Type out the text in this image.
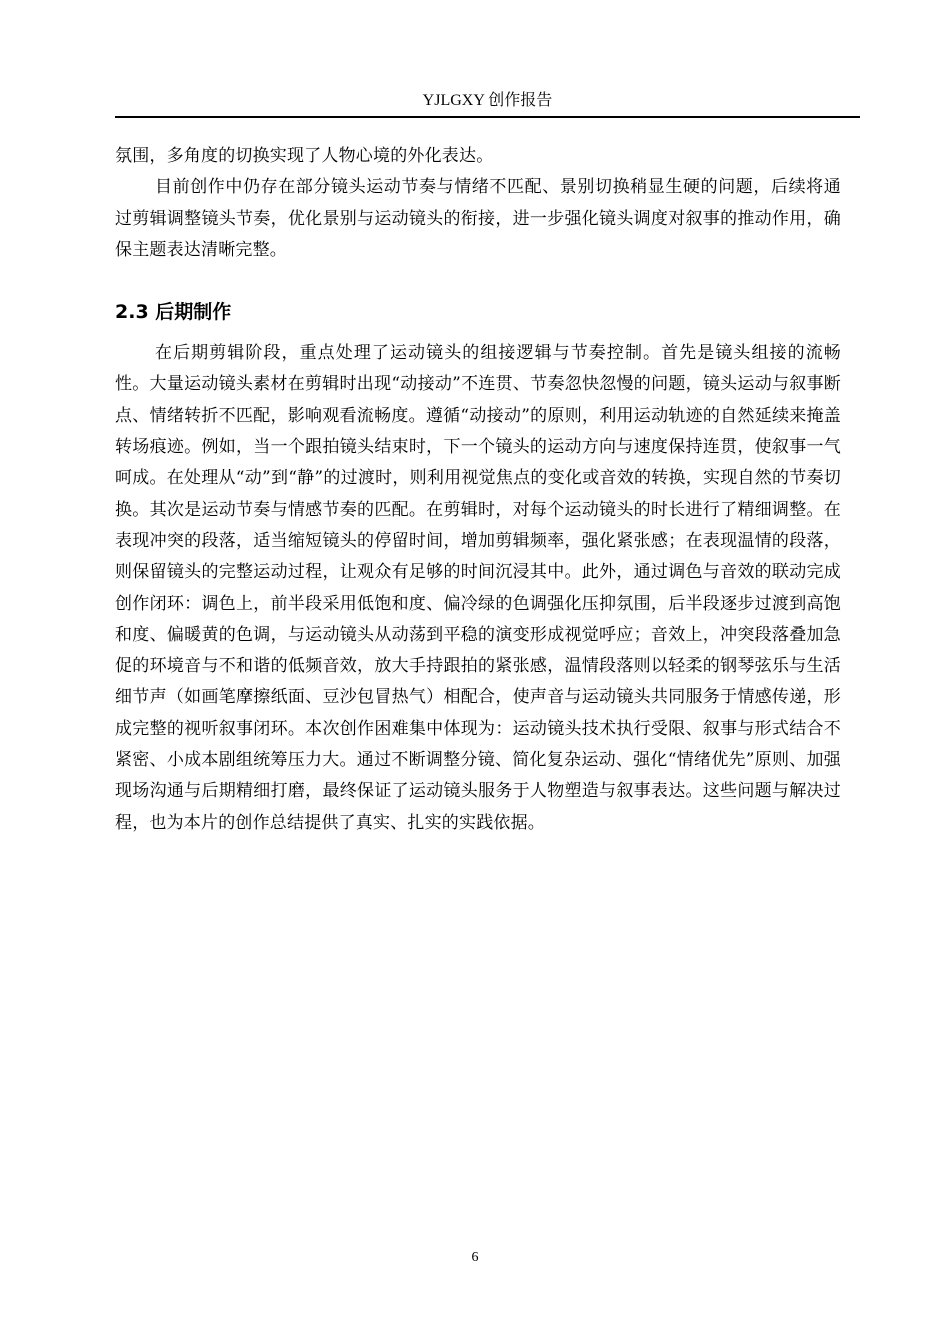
YJLGXY 创作报告

氛围，多角度的切换实现了人物心境的外化表达。

目前创作中仍存在部分镜头运动节奏与情绪不匹配、景别切换稍显生硬的问题，后续将通过剪辑调整镜头节奏，优化景别与运动镜头的衔接，进一步强化镜头调度对叙事的推动作用，确保主题表达清晰完整。

2.3 后期制作

在后期剪辑阶段，重点处理了运动镜头的组接逻辑与节奏控制。首先是镜头组接的流畅性。大量运动镜头素材在剪辑时出现“动接动”不连贯、节奏忽快忽慢的问题，镜头运动与叙事断点、情绪转折不匹配，影响观看流畅度。遵循“动接动”的原则，利用运动轨迹的自然延续来掩盖转场痕迹。例如，当一个跟拍镜头结束时，下一个镜头的运动方向与速度保持连贯，使叙事一气呵成。在处理从“动”到“静”的过渡时，则利用视觉焦点的变化或音效的转换，实现自然的节奏切换。其次是运动节奏与情感节奏的匹配。在剪辑时，对每个运动镜头的时长进行了精细调整。在表现冲突的段落，适当缩短镜头的停留时间，增加剪辑频率，强化紧张感；在表现温情的段落，则保留镜头的完整运动过程，让观众有足够的时间沉浸其中。此外，通过调色与音效的联动完成创作闭环：调色上，前半段采用低饱和度、偏冷绿的色调强化压抑氛围，后半段逐步过渡到高饱和度、偏暖黄的色调，与运动镜头从动荡到平稳的演变形成视觉呼应；音效上，冲突段落叠加急促的环境音与不和谐的低频音效，放大手持跟拍的紧张感，温情段落则以轻柔的钢琴弦乐与生活细节声（如画笔摩擦纸面、豆沙包冒热气）相配合，使声音与运动镜头共同服务于情感传递，形成完整的视听叙事闭环。本次创作困难集中体现为：运动镜头技术执行受限、叙事与形式结合不紧密、小成本剧组统筹压力大。通过不断调整分镜、简化复杂运动、强化“情绪优先”原则、加强现场沟通与后期精细打磨，最终保证了运动镜头服务于人物塑造与叙事表达。这些问题与解决过程，也为本片的创作总结提供了真实、扎实的实践依据。

6
